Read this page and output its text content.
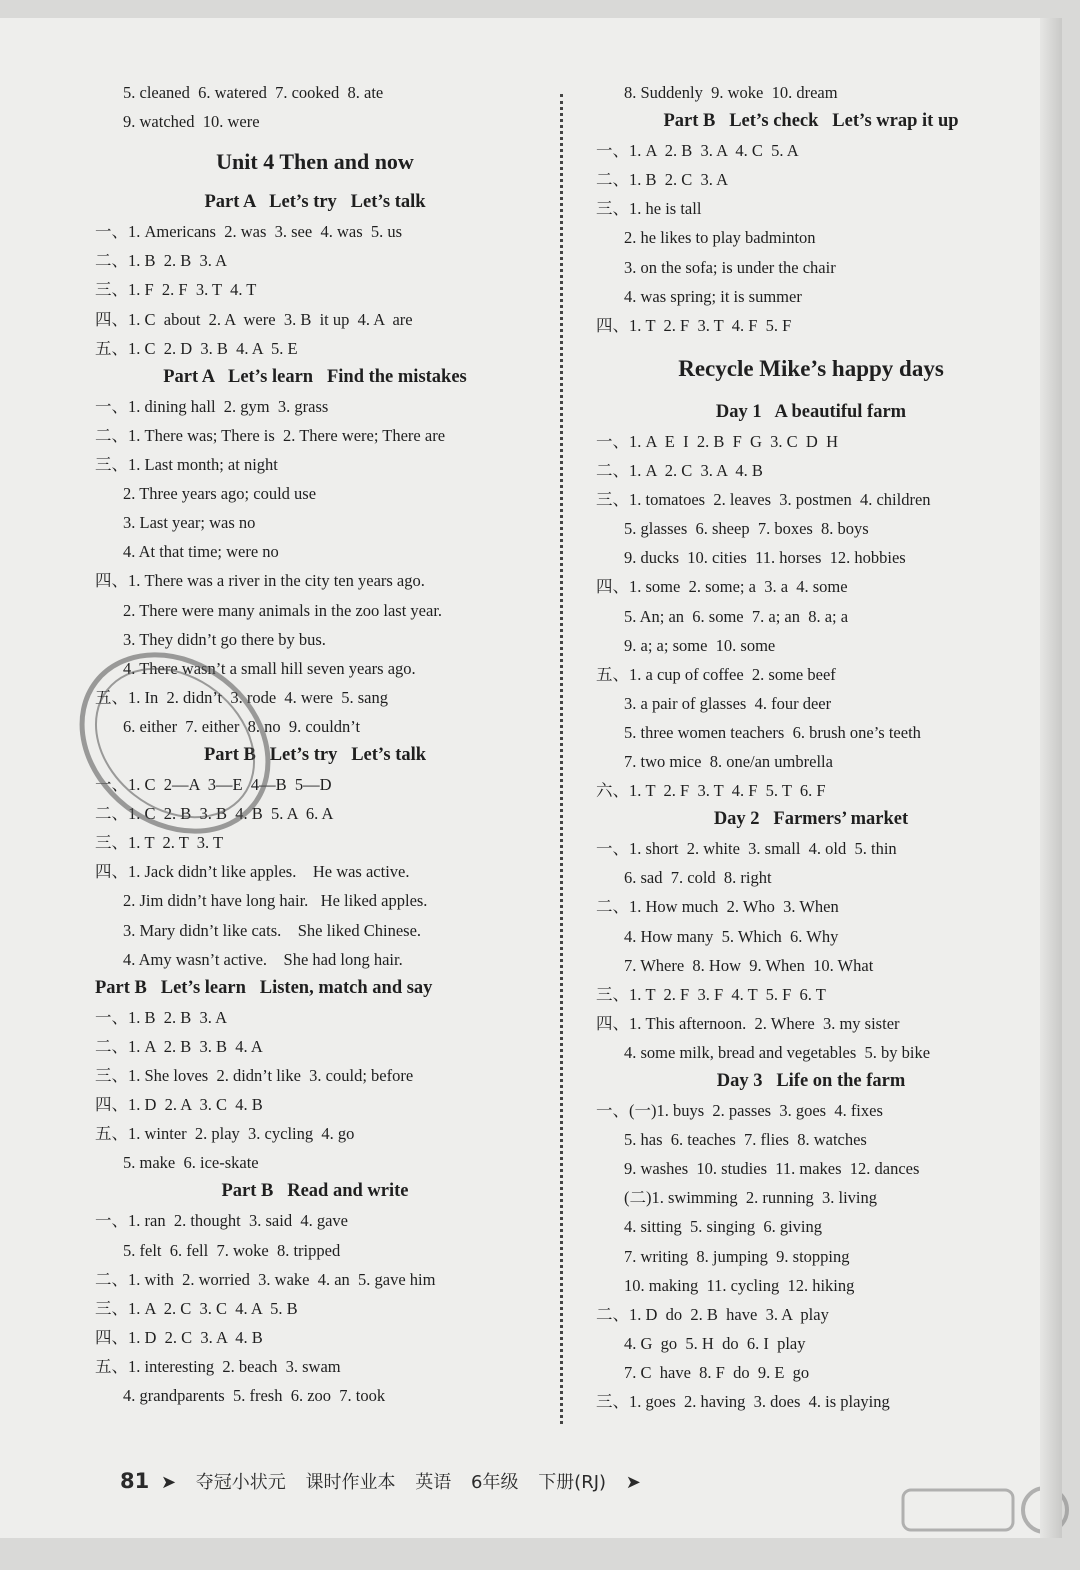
5. cleaned  6. watered  7. cooked  8. ate
9. watched  10. were
Unit 4 Then and now
Part A   Let’s try   Let’s talk
一、1. Americans  2. was  3. see  4. was  5. us
二、1. B  2. B  3. A
三、1. F  2. F  3. T  4. T
四、1. C  about  2. A  were  3. B  it up  4. A  are
五、1. C  2. D  3. B  4. A  5. E
Part A   Let’s learn   Find the mistakes
一、1. dining hall  2. gym  3. grass
二、1. There was; There is  2. There were; There are
三、1. Last month; at night
2. Three years ago; could use
3. Last year; was no
4. At that time; were no
四、1. There was a river in the city ten years ago.
2. There were many animals in the zoo last year.
3. They didn’t go there by bus.
4. There wasn’t a small hill seven years ago.
五、1. In  2. didn’t  3. rode  4. were  5. sang
6. either  7. either  8. no  9. couldn’t
Part B   Let’s try   Let’s talk
一、1. C  2—A  3—E  4—B  5—D
二、1. C  2. B  3. B  4. B  5. A  6. A
三、1. T  2. T  3. T
四、1. Jack didn’t like apples.    He was active.
2. Jim didn’t have long hair.   He liked apples.
3. Mary didn’t like cats.    She liked Chinese.
4. Amy wasn’t active.    She had long hair.
Part B   Let’s learn   Listen, match and say
一、1. B  2. B  3. A
二、1. A  2. B  3. B  4. A
三、1. She loves  2. didn’t like  3. could; before
四、1. D  2. A  3. C  4. B
五、1. winter  2. play  3. cycling  4. go
5. make  6. ice-skate
Part B   Read and write
一、1. ran  2. thought  3. said  4. gave
5. felt  6. fell  7. woke  8. tripped
二、1. with  2. worried  3. wake  4. an  5. gave him
三、1. A  2. C  3. C  4. A  5. B
四、1. D  2. C  3. A  4. B
五、1. interesting  2. beach  3. swam
4. grandparents  5. fresh  6. zoo  7. took
8. Suddenly  9. woke  10. dream
Part B   Let’s check   Let’s wrap it up
一、1. A  2. B  3. A  4. C  5. A
二、1. B  2. C  3. A
三、1. he is tall
2. he likes to play badminton
3. on the sofa; is under the chair
4. was spring; it is summer
四、1. T  2. F  3. T  4. F  5. F
Recycle Mike’s happy days
Day 1   A beautiful farm
一、1. A  E  I  2. B  F  G  3. C  D  H
二、1. A  2. C  3. A  4. B
三、1. tomatoes  2. leaves  3. postmen  4. children
5. glasses  6. sheep  7. boxes  8. boys
9. ducks  10. cities  11. horses  12. hobbies
四、1. some  2. some; a  3. a  4. some
5. An; an  6. some  7. a; an  8. a; a
9. a; a; some  10. some
五、1. a cup of coffee  2. some beef
3. a pair of glasses  4. four deer
5. three women teachers  6. brush one’s teeth
7. two mice  8. one/an umbrella
六、1. T  2. F  3. T  4. F  5. T  6. F
Day 2   Farmers’ market
一、1. short  2. white  3. small  4. old  5. thin
6. sad  7. cold  8. right
二、1. How much  2. Who  3. When
4. How many  5. Which  6. Why
7. Where  8. How  9. When  10. What
三、1. T  2. F  3. F  4. T  5. F  6. T
四、1. This afternoon.  2. Where  3. my sister
4. some milk, bread and vegetables  5. by bike
Day 3   Life on the farm
一、(一)1. buys  2. passes  3. goes  4. fixes
5. has  6. teaches  7. flies  8. watches
9. washes  10. studies  11. makes  12. dances
(二)1. swimming  2. running  3. living
4. sitting  5. singing  6. giving
7. writing  8. jumping  9. stopping
10. making  11. cycling  12. hiking
二、1. D  do  2. B  have  3. A  play
4. G  go  5. H  do  6. I  play
7. C  have  8. F  do  9. E  go
三、1. goes  2. having  3. does  4. is playing
81 ➤ 夺冠小状元 课时作业本 英语 6年级 下册(RJ) ➤
